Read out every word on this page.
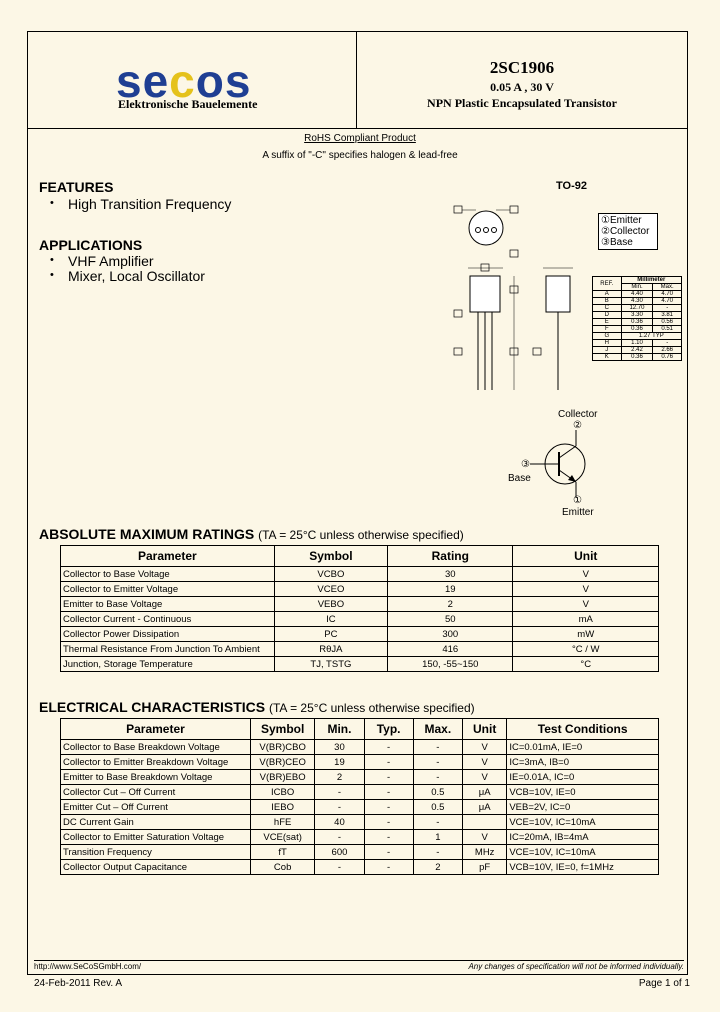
secos
Elektronische Bauelemente
2SC1906
0.05 A , 30 V
NPN Plastic Encapsulated Transistor
RoHS Compliant Product
A suffix of "-C" specifies halogen & lead-free
FEATURES
• High Transition Frequency
APPLICATIONS
• VHF Amplifier
• Mixer, Local Oscillator
TO-92
①Emitter
②Collector
③Base
REF.	Millimeter	
	Min.	Max.
A	4.40	4.70
B	4.30	4.70
C	12.70	-
D	3.30	3.81
E	0.36	0.56
F	0.36	0.51
G	1.27 TYP	
H	1.10	-
J	2.42	2.66
K	0.36	0.76
Collector
②
③
Base
①
Emitter
ABSOLUTE MAXIMUM RATINGS (TA = 25°C unless otherwise specified)
Parameter	Symbol	Rating	Unit
Collector to Base Voltage	VCBO	30	V
Collector to Emitter Voltage	VCEO	19	V
Emitter to Base Voltage	VEBO	2	V
Collector Current - Continuous	IC	50	mA
Collector Power Dissipation	PC	300	mW
Thermal Resistance From Junction To Ambient	RθJA	416	°C / W
Junction, Storage Temperature	TJ, TSTG	150, -55~150	°C
ELECTRICAL CHARACTERISTICS (TA = 25°C unless otherwise specified)
Parameter	Symbol	Min.	Typ.	Max.	Unit	Test Conditions
Collector to Base Breakdown Voltage	V(BR)CBO	30	-	-	V	IC=0.01mA, IE=0
Collector to Emitter Breakdown Voltage	V(BR)CEO	19	-	-	V	IC=3mA, IB=0
Emitter to Base Breakdown Voltage	V(BR)EBO	2	-	-	V	IE=0.01A, IC=0
Collector Cut – Off Current	ICBO	-	-	0.5	μA	VCB=10V, IE=0
Emitter Cut – Off Current	IEBO	-	-	0.5	μA	VEB=2V, IC=0
DC Current Gain	hFE	40	-	-		VCE=10V, IC=10mA
Collector to Emitter Saturation Voltage	VCE(sat)	-	-	1	V	IC=20mA, IB=4mA
Transition Frequency	fT	600	-	-	MHz	VCE=10V, IC=10mA
Collector Output Capacitance	Cob	-	-	2	pF	VCB=10V, IE=0, f=1MHz
http://www.SeCoSGmbH.com/	Any changes of specification will not be informed individually.
24-Feb-2011 Rev. A	Page 1 of 1
